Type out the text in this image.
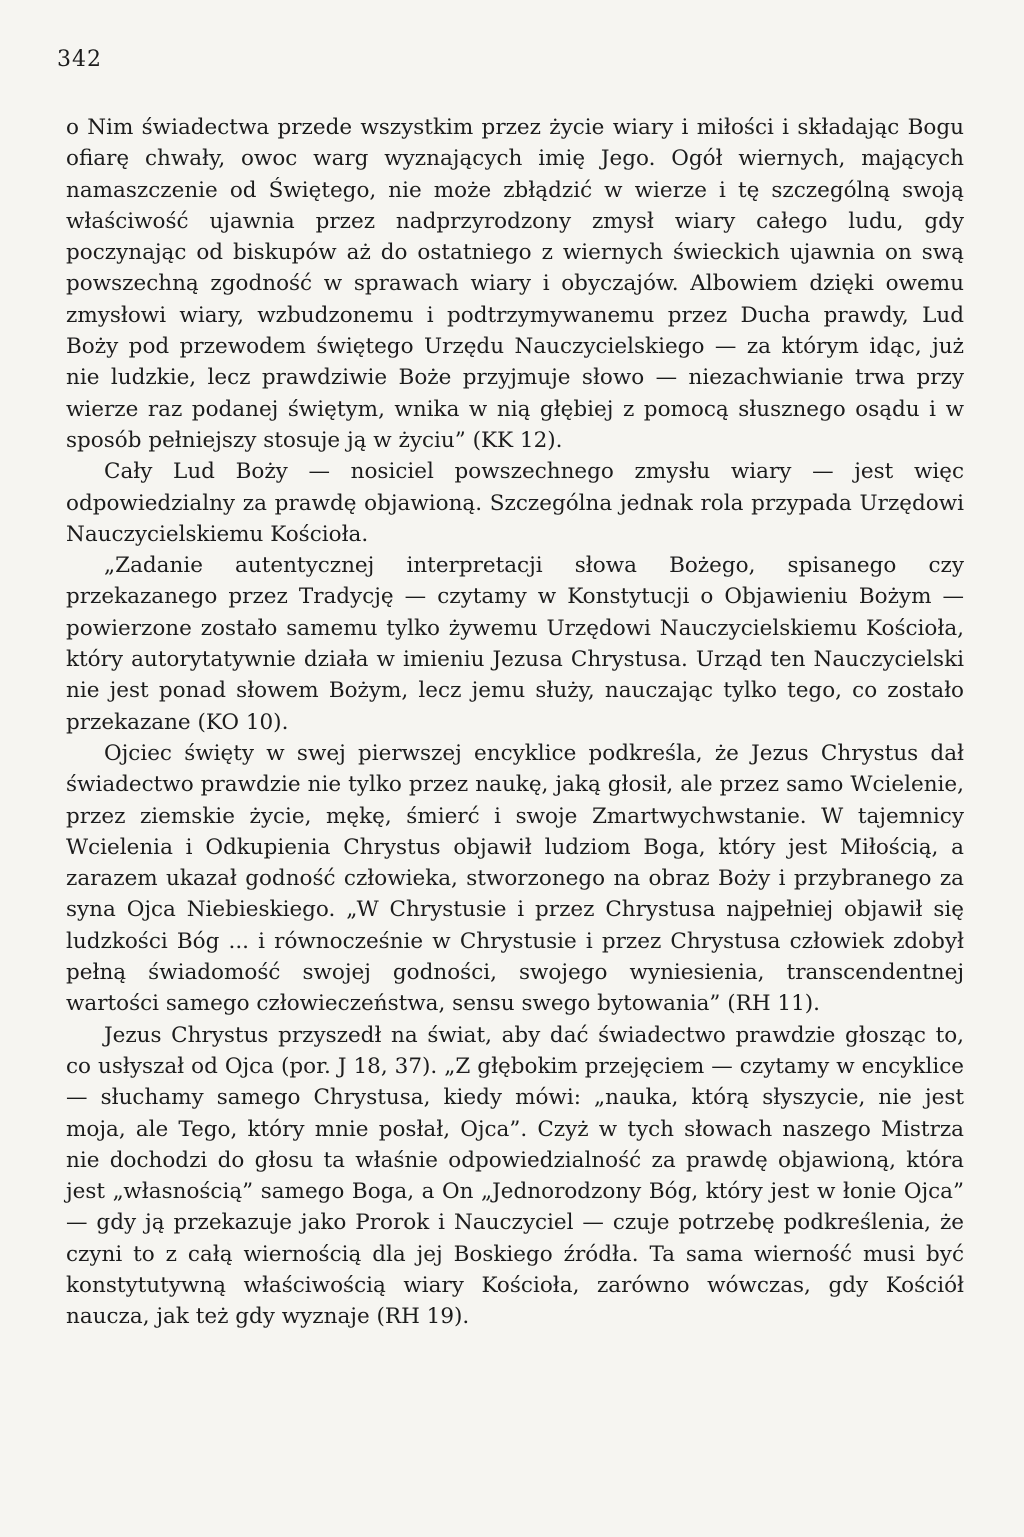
342

o Nim świadectwa przede wszystkim przez życie wiary i miłości i składając Bogu ofiarę chwały, owoc warg wyznających imię Jego. Ogół wiernych, mających namaszczenie od Świętego, nie może zbłądzić w wierze i tę szczególną swoją właściwość ujawnia przez nadprzyrodzony zmysł wiary całego ludu, gdy poczynając od biskupów aż do ostatniego z wiernych świeckich ujawnia on swą powszechną zgodność w sprawach wiary i obyczajów. Albowiem dzięki owemu zmysłowi wiary, wzbudzonemu i podtrzymywanemu przez Ducha prawdy, Lud Boży pod przewodem świętego Urzędu Nauczycielskiego — za którym idąc, już nie ludzkie, lecz prawdziwie Boże przyjmuje słowo — niezachwianie trwa przy wierze raz podanej świętym, wnika w nią głębiej z pomocą słusznego osądu i w sposób pełniejszy stosuje ją w życiu” (KK 12).

Cały Lud Boży — nosiciel powszechnego zmysłu wiary — jest więc odpowiedzialny za prawdę objawioną. Szczególna jednak rola przypada Urzędowi Nauczycielskiemu Kościoła.

„Zadanie autentycznej interpretacji słowa Bożego, spisanego czy przekazanego przez Tradycję — czytamy w Konstytucji o Objawieniu Bożym — powierzone zostało samemu tylko żywemu Urzędowi Nauczycielskiemu Kościoła, który autorytatywnie działa w imieniu Jezusa Chrystusa. Urząd ten Nauczycielski nie jest ponad słowem Bożym, lecz jemu służy, nauczając tylko tego, co zostało przekazane (KO 10).

Ojciec święty w swej pierwszej encyklice podkreśla, że Jezus Chrystus dał świadectwo prawdzie nie tylko przez naukę, jaką głosił, ale przez samo Wcielenie, przez ziemskie życie, mękę, śmierć i swoje Zmartwychwstanie. W tajemnicy Wcielenia i Odkupienia Chrystus objawił ludziom Boga, który jest Miłością, a zarazem ukazał godność człowieka, stworzonego na obraz Boży i przybranego za syna Ojca Niebieskiego. „W Chrystusie i przez Chrystusa najpełniej objawił się ludzkości Bóg ... i równocześnie w Chrystusie i przez Chrystusa człowiek zdobył pełną świadomość swojej godności, swojego wyniesienia, transcendentnej wartości samego człowieczeństwa, sensu swego bytowania” (RH 11).

Jezus Chrystus przyszedł na świat, aby dać świadectwo prawdzie głosząc to, co usłyszał od Ojca (por. J 18, 37). „Z głębokim przejęciem — czytamy w encyklice — słuchamy samego Chrystusa, kiedy mówi: „nauka, którą słyszycie, nie jest moja, ale Tego, który mnie posłał, Ojca”. Czyż w tych słowach naszego Mistrza nie dochodzi do głosu ta właśnie odpowiedzialność za prawdę objawioną, która jest „własnością” samego Boga, a On „Jednorodzony Bóg, który jest w łonie Ojca” — gdy ją przekazuje jako Prorok i Nauczyciel — czuje potrzebę podkreślenia, że czyni to z całą wiernością dla jej Boskiego źródła. Ta sama wierność musi być konstytutywną właściwością wiary Kościoła, zarówno wówczas, gdy Kościół naucza, jak też gdy wyznaje (RH 19).
